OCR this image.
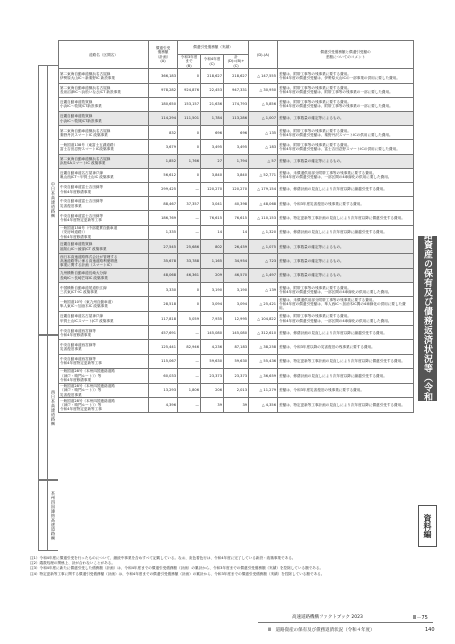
中日本高速道路㈱
西日本高速道路㈱
本州四国連絡高速道路㈱
道路名（区間名）	償還引受
債務額
（計画）
(A)	償還引受債務額（実績）			(D)-(A)	償還引受債務額と償還引受額の
差額についてのコメント
		令和3年度まで
(B)	令和4年度
(C)	計
(D)=(B)+(C)		
第二東海自動車道横浜名古屋線
伊勢原大山IC～新秦野IC 新設事業	366,183	0	218,627	218,627	△ 147,555	差額は、附帯工事等の残事業に要する費用。
令和4年度の償還引受額は、伊勢原大山ICの一部事業の供用に要した費用。
第二東海自動車道横浜名古屋線
長泉沼津IC～浜松いなさJCT 新設事業	978,282	924,876	22,453	947,331	△ 30,950	差額は、附帯工事等の残事業に要する費用。
令和4年度の償還引受額は、附帯工事等の残事業の一部に要した費用。
近畿自動車道敦賀線
小浜IC～敦賀JCT新設事業	180,650	153,157	21,636	174,793	△ 5,856	差額は、附帯工事等の残事業に要する費用。
令和4年度の償還引受額は、附帯工事等の残事業の一部に要した費用。
近畿自動車道敦賀線
小浜IC～敦賀JCT新設事業	114,294	111,501	1,784	113,286	△ 1,007	差額は、工事数量の確定等によるもの。
第二東海自動車道横浜名古屋線
秦野丹沢スマートIC 改築事業	832	0	696	696	△ 135	差額は、附帯工事等の残事業に要する費用。
令和4年度の償還引受額は、秦野丹沢スマートICの供用に要した費用。
一般国道138号（東富士五湖道路）
富士吉田忍野スマートIC改築事業	3,679	0	3,495	3,495	△ 183	差額は、附帯工事等の残事業に要する費用。
令和4年度の償還引受額は、富士吉田忍野スマートICの供用に要した費用。
第二東海自動車道横浜名古屋線
浜松SAスマートIC 改築事業	1,852	1,766	27	1,794	△ 57	差額は、工事数量の確定等によるもの。
近畿自動車道名古屋神戸線
亀山西JCT～甲賀土山IC 改築事業	56,612	0	3,840	3,840	△ 52,771	差額は、未償還供用部分附帯工事等の残事業に要する費用。
令和4年度の償還引受額は、一部区間の4車線化の供用に要した費用。
中央自動車道富士吉田線等
令和4年度修繕事業	299,425	—	120,270	120,270	△ 179,154	差額は、修繕計画の見直しにより次年度以降に繰越引受する費用。
中央自動車道富士吉田線等
災害復旧事業	88,467	37,357	3,041	40,398	△ 48,068	差額は、令和3年度災害復旧の残事業に要する費用。
中央自動車道富士吉田線等
令和4年度特定更新等工事	186,769	—	76,615	76,615	△ 110,153	差額は、特定更新等工事計画の見直しにより次年度以降に償還引受する費用。
一般国道158号（中部縦貫自動車道
（安房峠道路））
令和4年度修繕事業	1,335	—	14	14	△ 1,320	差額は、修繕計画の見直しにより次年度以降に繰越引受する費用。
近畿自動車道敦賀線
福知山IC～綾部JCT 改築事業	27,545	25,686	802	26,459	△ 1,075	差額は、工事数量の確定等によるもの。
西日本高速道路株式会社が管理する
高速道路等に係る高速道路利便増進
事業に関する計画（スマートIC）	35,678	33,788	1,165	34,954	△ 723	差額は、工事数量の確定等によるもの。
九州横断自動車道長崎大分線
長崎IC～長崎芒塚IC 改築事業	48,068	46,361	209	46,570	△ 1,497	差額は、工事数量の確定等によるもの。
中国横断自動車道尾道松江線
三次東JCT･IC 改築事業	3,330	0	3,190	3,190	△ 139	差額は、附帯工事等の残事業に要する費用。
令和4年度の償還引受額は、一部区間の4車線化の供用に要した費用。
一般国道10号（東九州自動車道）
隼人東IC～加治木IC 改築事業	28,518	0	3,094	3,094	△ 25,421	差額は、未償還供用部分附帯工事等の残事業に要する費用。
令和4年度の償還引受額は、隼人西IC～加治木IC間の4車線化の供用に要した費用。
近畿自動車道名古屋神戸線
甲賀土山ICスマートJCT 改築事業	117,818	5,059	7,935	12,995	△ 104,822	差額は、附帯工事等の残事業に要する費用。
令和4年度の償還引受額は、一部区間の4車線化の供用に要した費用。
中央自動車道西宮線等
令和4年度修繕事業	457,691	—	145,080	145,080	△ 312,610	差額は、修繕計画の見直しにより次年度以降に繰越引受する費用。
中央自動車道西宮線等
災害復旧事業	125,441	82,946	4,236	87,183	△ 38,258	差額は、令和3年度以降の災害復旧の残事業に要する費用。
中央自動車道西宮線等
令和4年度特定更新等工事	115,067	—	59,630	59,630	△ 55,436	差額は、特定更新等工事計画の見直しにより次年度以降に償還引受する費用。
一般国道28号（本州四国連絡道路
（神戸・鳴門ルート））等
令和4年度修繕事業	60,033	—	23,373	23,373	△ 36,659	差額は、修繕計画の見直しにより次年度以降に繰越引受する費用。
一般国道28号（本州四国連絡道路
（神戸・鳴門ルート））等
災害復旧事業	13,293	1,806	206	2,013	△ 11,279	差額は、令和3年度災害復旧の残事業に要する費用。
一般国道28号（本州四国連絡道路
（神戸・鳴門ルート））等
令和4年度特定更新等工事	4,396	—	39	39	△ 4,356	差額は、特定更新等工事計画の見直しにより次年度以降に償還引受する費用。
注1）令和4年度に償還引受を行ったものについて、継続中事業を含めすべて記載している。なお、灰色着色行は、令和4年度に完了している新設・改築事業である。
注2）端数処理の関係上、計が合わないことがある。
注3）令和4年度に新たに償還引受した債務額（計画）は、令和4年度までの償還引受債務額（計画）の累計から、令和3年度までの償還引受債務額（実績）を控除している額である。
注4）特定更新等工事に関する償還引受債務額（計画）は、令和4年度までの償還引受債務額（計画）の累計から、令和3年度までの償還引受債務額（実績）を控除している額である。
Ⅲ　道路資産の保有及び債務返済状況等（令和4年度）
資料編
高速道路機構ファクトブック 2023	Ⅲ－75
Ⅲ　道路資産の保有及び債務返済状況（令和４年度）	140
